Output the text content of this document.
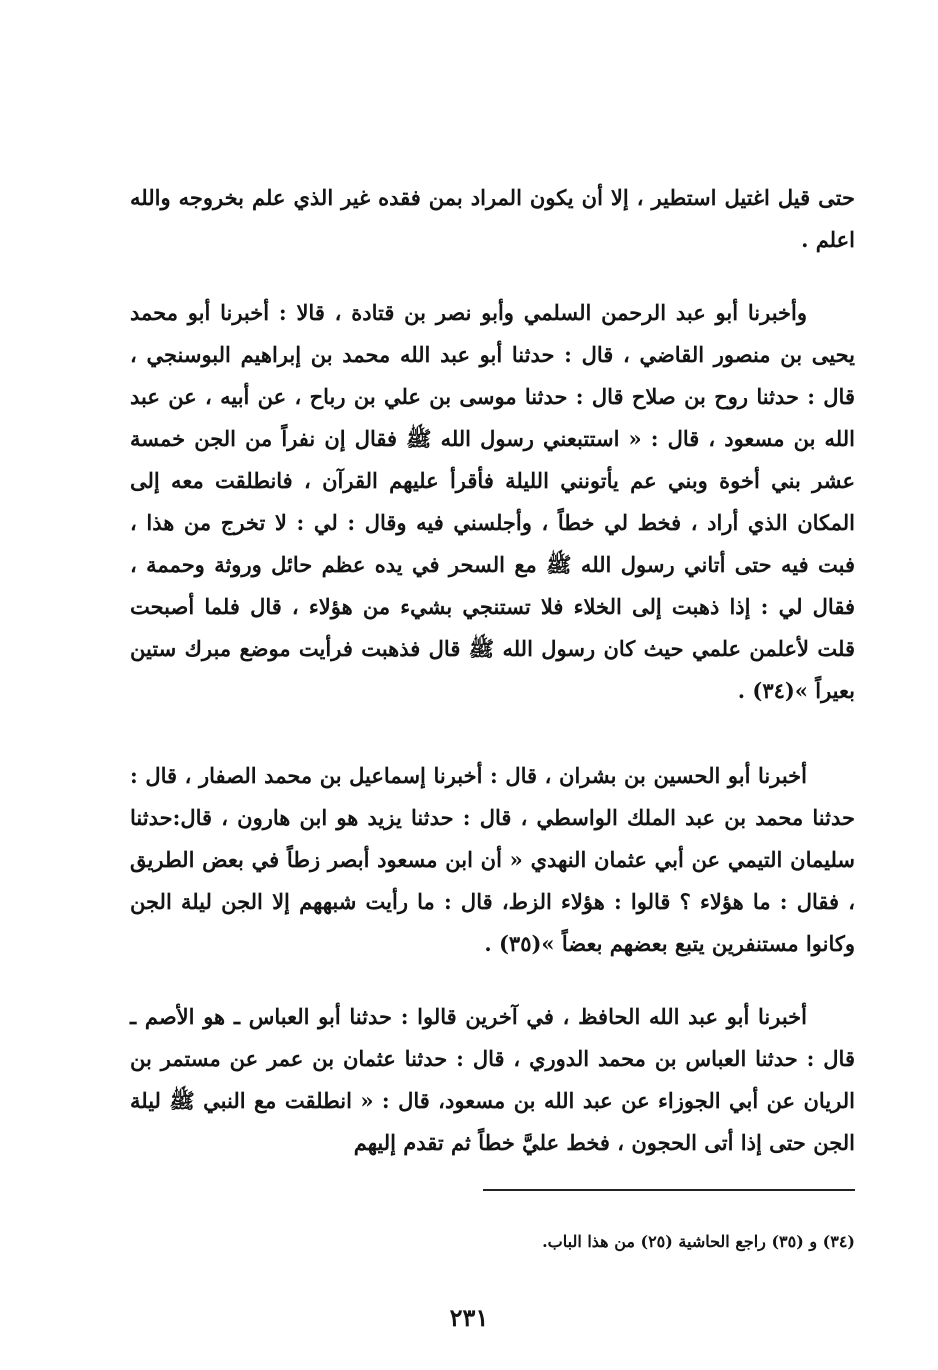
حتى قيل اغتيل استطير ، إلا أن يكون المراد بمن فقده غير الذي علم بخروجه والله اعلم .

وأخبرنا أبو عبد الرحمن السلمي وأبو نصر بن قتادة ، قالا : أخبرنا أبو محمد يحيى بن منصور القاضي ، قال : حدثنا أبو عبد الله محمد بن إبراهيم البوسنجي ، قال : حدثنا روح بن صلاح قال : حدثنا موسى بن علي بن رباح ، عن أبيه ، عن عبد الله بن مسعود ، قال : « استتبعني رسول الله ﷺ فقال إن نفراً من الجن خمسة عشر بني أخوة وبني عم يأتونني الليلة فأقرأ عليهم القرآن ، فانطلقت معه إلى المكان الذي أراد ، فخط لي خطاً ، وأجلسني فيه وقال : لي : لا تخرج من هذا ، فبت فيه حتى أتاني رسول الله ﷺ مع السحر في يده عظم حائل وروثة وحممة ، فقال لي : إذا ذهبت إلى الخلاء فلا تستنجي بشيء من هؤلاء ، قال فلما أصبحت قلت لأعلمن علمي حيث كان رسول الله ﷺ قال فذهبت فرأيت موضع مبرك ستين بعيراً »(٣٤) .

أخبرنا أبو الحسين بن بشران ، قال : أخبرنا إسماعيل بن محمد الصفار ، قال : حدثنا محمد بن عبد الملك الواسطي ، قال : حدثنا يزيد هو ابن هارون ، قال:حدثنا سليمان التيمي عن أبي عثمان النهدي « أن ابن مسعود أبصر زطاً في بعض الطريق ، فقال : ما هؤلاء ؟ قالوا : هؤلاء الزط، قال : ما رأيت شبههم إلا الجن ليلة الجن وكانوا مستنفرين يتبع بعضهم بعضاً »(٣٥) .

أخبرنا أبو عبد الله الحافظ ، في آخرين قالوا : حدثنا أبو العباس ـ هو الأصم ـ قال : حدثنا العباس بن محمد الدوري ، قال : حدثنا عثمان بن عمر عن مستمر بن الريان عن أبي الجوزاء عن عبد الله بن مسعود، قال : « انطلقت مع النبي ﷺ ليلة الجن حتى إذا أتى الحجون ، فخط عليَّ خطاً ثم تقدم إليهم

(٣٤) و (٣٥) راجع الحاشية (٢٥) من هذا الباب.
٢٣١
